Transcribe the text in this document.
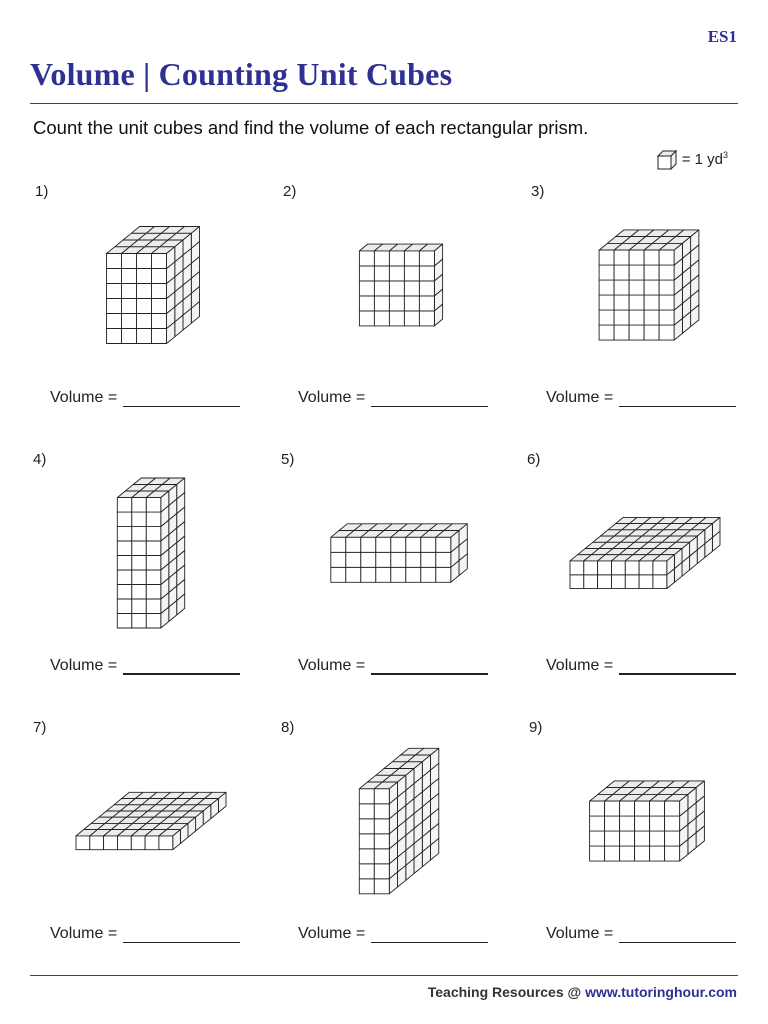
ES1
Volume | Counting Unit Cubes
Count the unit cubes and find the volume of each rectangular prism.
= 1 $yd^3$
1)
Volume =
2)
Volume =
3)
Volume =
4)
Volume =
5)
Volume =
6)
Volume =
7)
Volume =
8)
Volume =
9)
Volume =
Teaching Resources @ www.tutoringhour.com
